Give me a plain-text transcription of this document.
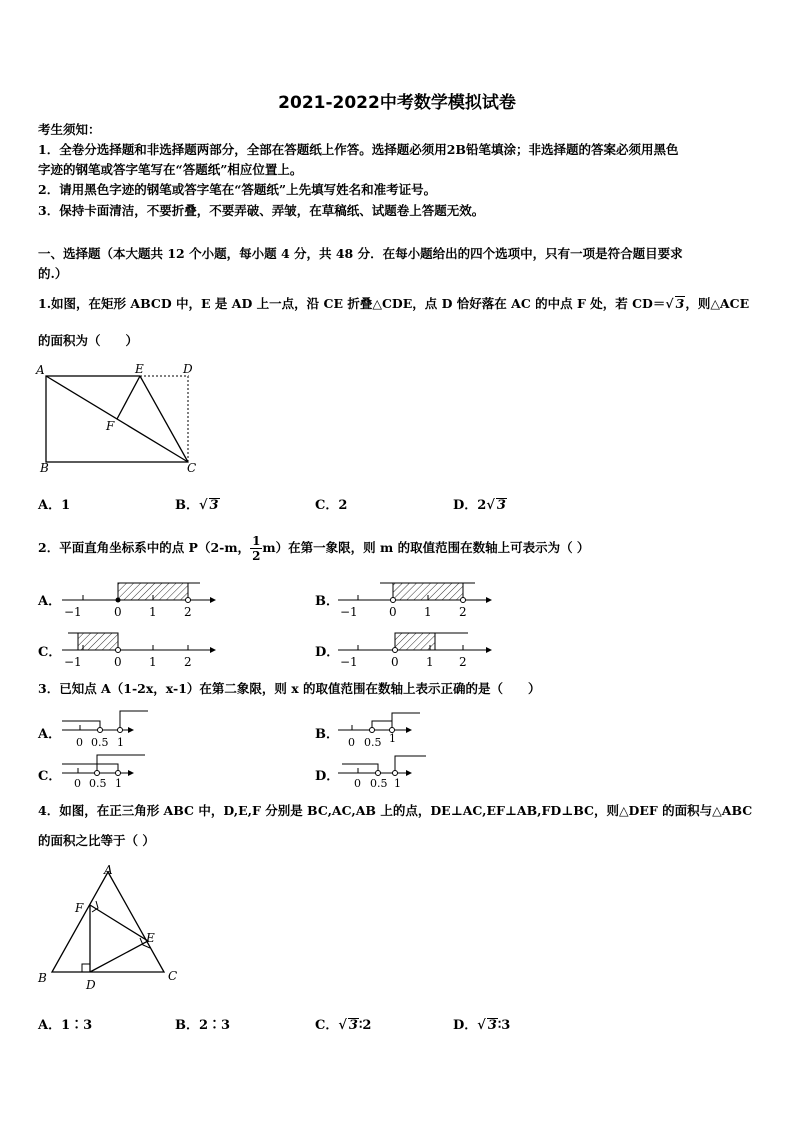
2021-2022中考数学模拟试卷
考生须知：
1．全卷分选择题和非选择题两部分，全部在答题纸上作答。选择题必须用2B铅笔填涂；非选择题的答案必须用黑色
字迹的钢笔或答字笔写在“答题纸”相应位置上。
2．请用黑色字迹的钢笔或答字笔在“答题纸”上先填写姓名和准考证号。
3．保持卡面清洁，不要折叠，不要弄破、弄皱，在草稿纸、试题卷上答题无效。
一、选择题（本大题共 12 个小题，每小题 4 分，共 48 分．在每小题给出的四个选项中，只有一项是符合题目要求
的.）
1.如图，在矩形 ABCD 中，E 是 AD 上一点，沿 CE 折叠△CDE，点 D 恰好落在 AC 的中点 F 处，若 CD＝√ 3，则△ACE
的面积为（　　）
A	E	D
F
B	C
A．1	B．√ 3	C．2	D．2√ 3
2．平面直角坐标系中的点 P（2-m， $\frac{1}{2} m$）在第一象限，则 m 的取值范围在数轴上可表示为（ ）
−1	0 1 2	−1	0 1 2
−1	0 1 2	−1	0 1 2
A．	B．
C．	D．
3．已知点 A（1-2x，x-1）在第二象限，则 x 的取值范围在数轴上表示正确的是（　　）
0 0.5 1	0 0.5 1
0 0.5 1	0 0.5 1
A．	B．
C．	D．
4．如图，在正三角形 ABC 中，D,E,F 分别是 BC,AC,AB 上的点，DE⊥AC,EF⊥AB,FD⊥BC，则△DEF 的面积与△ABC
的面积之比等于（ ）
A
F
E
B	D
C
A．1∶3	B．2∶3	C．√ 3∶2	D．√ 3∶3
